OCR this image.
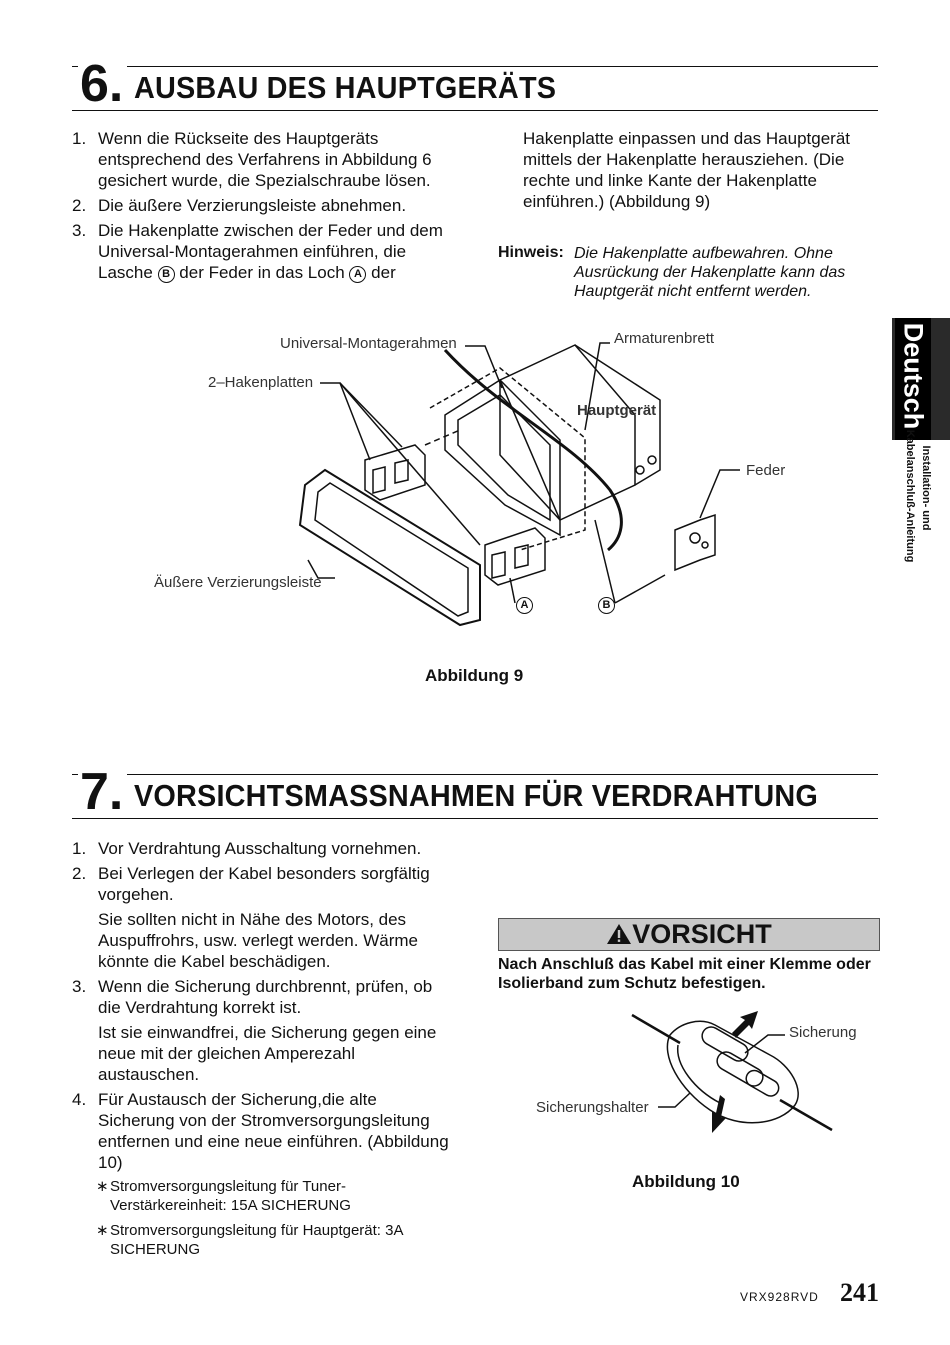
6. AUSBAU DES HAUPTGERÄTS
1. Wenn die Rückseite des Hauptgeräts entsprechend des Verfahrens in Abbildung 6 gesichert wurde, die Spezialschraube lösen.
2. Die äußere Verzierungsleiste abnehmen.
3. Die Hakenplatte zwischen der Feder und dem Universal-Montagerahmen einführen, die Lasche B der Feder in das Loch A der
Hakenplatte einpassen und das Hauptgerät mittels der Hakenplatte herausziehen. (Die rechte und linke Kante der Hakenplatte einführen.) (Abbildung 9)
Hinweis: Die Hakenplatte aufbewahren. Ohne Ausrückung der Hakenplatte kann das Hauptgerät nicht entfernt werden.
Universal-Montagerahmen	Armaturenbrett
2–Hakenplatten
Hauptgerät
Feder
Äußere Verzierungsleiste
A	B
Abbildung 9
Deutsch
Installation- und
Kabelanschluß-Anleitung
7. VORSICHTSMASSNAHMEN FÜR VERDRAHTUNG
1. Vor Verdrahtung Ausschaltung vornehmen.
2. Bei Verlegen der Kabel besonders sorgfältig vorgehen.

Sie sollten nicht in Nähe des Motors, des Auspuffrohrs, usw. verlegt werden. Wärme könnte die Kabel beschädigen.

3. Wenn die Sicherung durchbrennt, prüfen, ob die Verdrahtung korrekt ist.

Ist sie einwandfrei, die Sicherung gegen eine neue mit der gleichen Amperezahl austauschen.

4. Für Austausch der Sicherung,die alte Sicherung von der Stromversorgungsleitung entfernen und eine neue einführen. (Abbildung 10)
∗ Stromversorgungsleitung für Tuner-Verstärkereinheit: 15A SICHERUNG
∗ Stromversorgungsleitung für Hauptgerät: 3A SICHERUNG
VORSICHT
Nach Anschluß das Kabel mit einer Klemme oder Isolierband zum Schutz befestigen.
Sicherung
Sicherungshalter
Abbildung 10
VRX928RVD 241
